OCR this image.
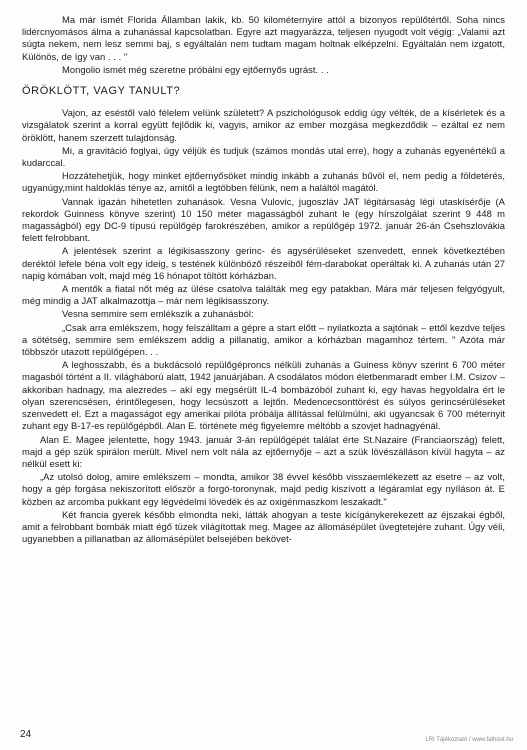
Ma már ismét Florida Államban lakik, kb. 50 kilométernyire attól a bizonyos repülőtértől. Soha nincs lidércnyomásos álma a zuhanással kapcsolatban. Egyre azt magyarázza, teljesen nyugodt volt végig: „Valami azt súgta nekem, nem lesz semmi baj, s egyáltalán nem tudtam magam holtnak elképzelni. Egyáltalán nem izgatott, Különös, de így van . . . "

Mongolio ismét még szeretne próbálni egy ejtőernyős ugrást. . .

ÖRÖKLÖTT, VAGY TANULT?

Vajon, az eséstől való félelem velünk született? A pszichológusok eddig úgy vélték, de a kísérletek és a vizsgálatok szerint a korral együtt fejlődik ki, vagyis, amikor az ember mozgása megkezdődik – ezáltal ez nem öröklött, hanem szerzett tulajdonság.

Mi, a gravitáció foglyai, úgy véljük és tudjuk (számos mondás utal erre), hogy a zuhanás egyenértékű a kudarccal.

Hozzátehetjük, hogy minket ejtőernyősöket mindig inkább a zuhanás bűvöl el, nem pedig a földetérés, ugyanúgy,mint haldoklás ténye az, amitől a legtöbben félünk, nem a haláltól magától.

Vannak igazán hihetetlen zuhanások. Vesna Vulovic, jugoszláv JAT légitársaság légi utaskísérője (A rekordok Guinness könyve szerint) 10 150 méter magasságból zuhant le (egy hírszolgálat szerint 9 448 m magasságból) egy DC-9 típusú repülőgép farokrészében, amikor a repülőgép 1972. január 26-án Csehszlovákia felett felrobbant.

A jelentések szerint a légikisasszony gerinc- és agysérüléseket szenvedett, ennek következtében deréktól lefele béna volt egy ideig, s testének különböző részeiből fém-darabokat operáltak ki. A zuhanás után 27 napig kómában volt, majd még 16 hónapot töltött kórházban.

A mentők a fiatal nőt még az ülése csatolva találták meg egy patakban. Mára már teljesen felgyógyult, még mindig a JAT alkalmazottja – már nem légikisasszony.

Vesna semmire sem emlékszik a zuhanásból:

„Csak arra emlékszem, hogy felszálltam a gépre a start előtt – nyilatkozta a sajtónak – ettől kezdve teljes a sötétség, semmire sem emlékszem addig a pillanatig, amikor a kórházban magamhoz tértem. " Azóta már többször utazott repülőgépen. . .

A leghosszabb, és a bukdácsoló repülőgéproncs nélküli zuhanás a Guiness könyv szerint 6 700 méter magasból történt a II. világháború alatt, 1942 januárjában. A csodálatos módon életbenmaradt ember I.M. Csizov – akkoriban hadnagy, ma alezredes – akí egy megsérült IL-4 bombázóból zuhant ki, egy havas hegyoldalra ért le olyan szerencsésen, érintőlegesen, hogy lecsúszott a lejtőn. Medencecsonttörést és súlyos gerincsérüléseket szenvedett el. Ezt a magasságot egy amerikai pilóta próbálja állítással felülmúlni, aki ugyancsak 6 700 méternyit zuhant egy B-17-es repülőgépből. Alan E. története még figyelemre méltóbb a szovjet hadnagyénál.

Alan E. Magee jelentette, hogy 1943. január 3-án repülőgépét találat érte St.Nazaire (Franciaország) felett, majd a gép szük spirálon merült. Mivel nem volt nála az ejtőernyője – azt a szük lövészálláson kívül hagyta – az nélkül esett ki:

„Az utolsó dolog, amire emlékszem – mondta, amikor 38 évvel később visszaemlékezett az esetre – az volt, hogy a gép forgása nekiszorított először a forgó-toronynak, majd pedig kiszívott a légáramlat egy nyíláson át. E közben az arcomba pukkant egy légvédelmi lövedék és az oxigénmaszkom leszakadt."

Két francia gyerek később elmondta neki, látták ahogyan a teste kicígánykerekezett az éjszakai égből, amit a felrobbant bombák miatt égő tüzek világítottak meg. Magee az állomásépület üvegtetejére zuhant. Úgy véli, ugyanebben a pillanatban az állomásépület belsejében bekövet-

24	LRI Tájékoztató / www.falhout.hu
